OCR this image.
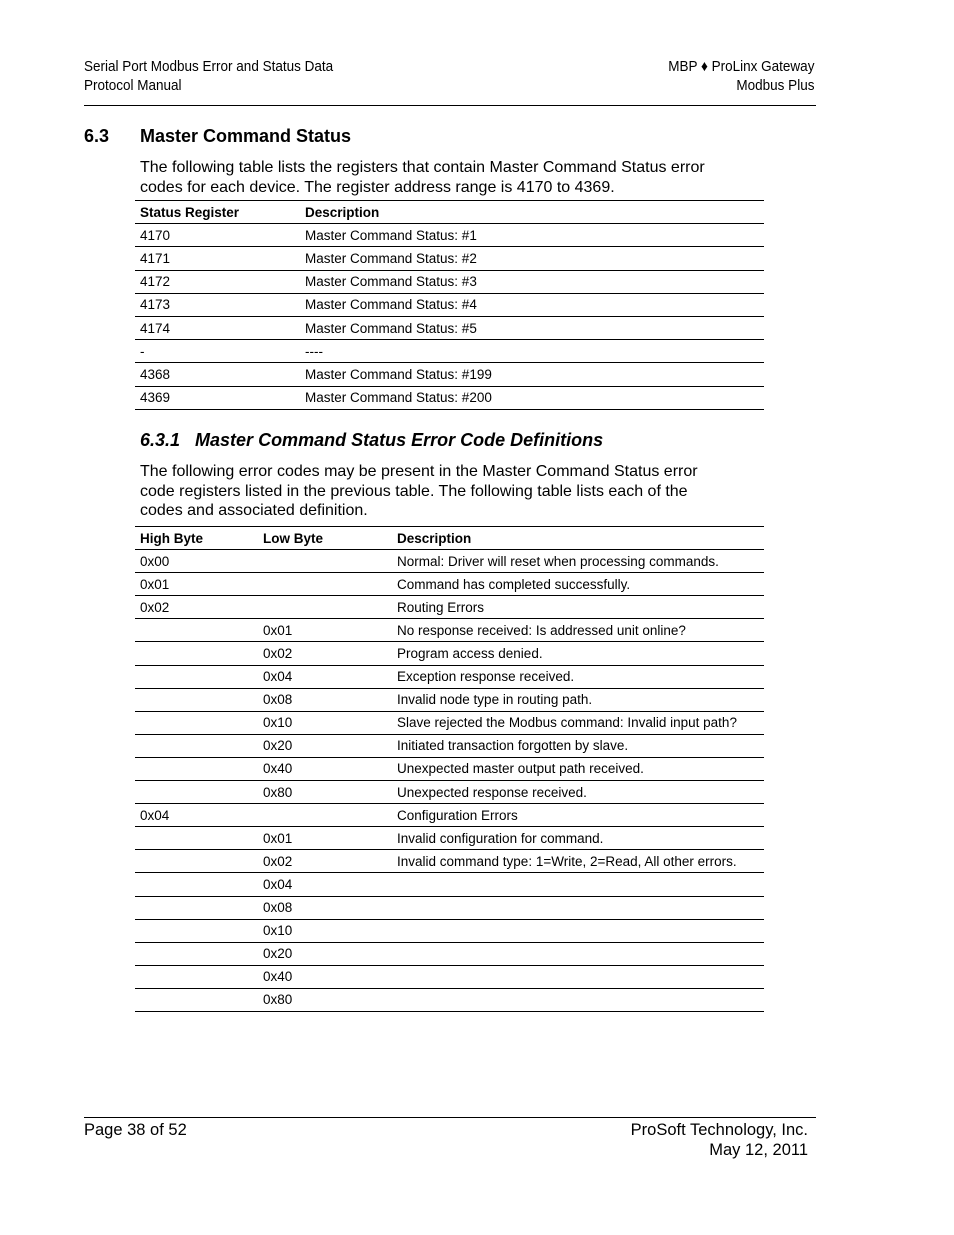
Serial Port Modbus Error and Status Data
Protocol Manual
MBP ♦ ProLinx Gateway
Modbus Plus
6.3 Master Command Status

The following table lists the registers that contain Master Command Status error

codes for each device. The register address range is 4170 to 4369.

Status Register	Description
4170	Master Command Status: #1
4171	Master Command Status: #2
4172	Master Command Status: #3
4173	Master Command Status: #4
4174	Master Command Status: #5
-	----
4368	Master Command Status: #199
4369	Master Command Status: #200
6.3.1   Master Command Status Error Code Definitions

The following error codes may be present in the Master Command Status error

code registers listed in the previous table. The following table lists each of the

codes and associated definition.

High Byte	Low Byte	Description
0x00		Normal: Driver will reset when processing commands.
0x01		Command has completed successfully.
0x02		Routing Errors
	0x01	No response received: Is addressed unit online?
	0x02	Program access denied.
	0x04	Exception response received.
	0x08	Invalid node type in routing path.
	0x10	Slave rejected the Modbus command: Invalid input path?
	0x20	Initiated transaction forgotten by slave.
	0x40	Unexpected master output path received.
	0x80	Unexpected response received.
0x04		Configuration Errors
	0x01	Invalid configuration for command.
	0x02	Invalid command type: 1=Write, 2=Read, All other errors.
	0x04	
	0x08	
	0x10	
	0x20	
	0x40	
	0x80	
Page 38 of 52	ProSoft Technology, Inc.
May 12, 2011
